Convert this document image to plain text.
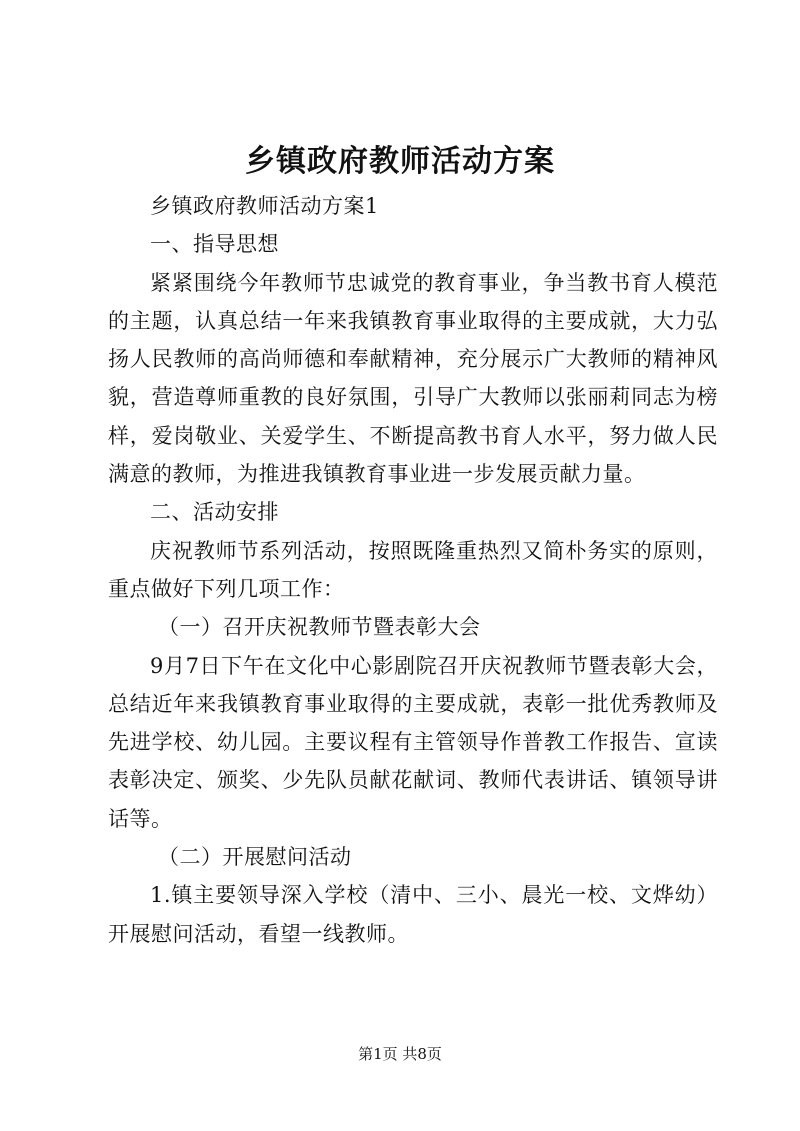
乡镇政府教师活动方案

乡镇政府教师活动方案1

一、指导思想

紧紧围绕今年教师节忠诚党的教育事业，争当教书育人模范的主题，认真总结一年来我镇教育事业取得的主要成就，大力弘扬人民教师的高尚师德和奉献精神，充分展示广大教师的精神风貌，营造尊师重教的良好氛围，引导广大教师以张丽莉同志为榜样，爱岗敬业、关爱学生、不断提高教书育人水平，努力做人民满意的教师，为推进我镇教育事业进一步发展贡献力量。

二、活动安排

庆祝教师节系列活动，按照既隆重热烈又简朴务实的原则，重点做好下列几项工作：

（一）召开庆祝教师节暨表彰大会

9月7日下午在文化中心影剧院召开庆祝教师节暨表彰大会，总结近年来我镇教育事业取得的主要成就，表彰一批优秀教师及先进学校、幼儿园。主要议程有主管领导作普教工作报告、宣读表彰决定、颁奖、少先队员献花献词、教师代表讲话、镇领导讲话等。

（二）开展慰问活动

1.镇主要领导深入学校（清中、三小、晨光一校、文烨幼）开展慰问活动，看望一线教师。

第1页 共8页
